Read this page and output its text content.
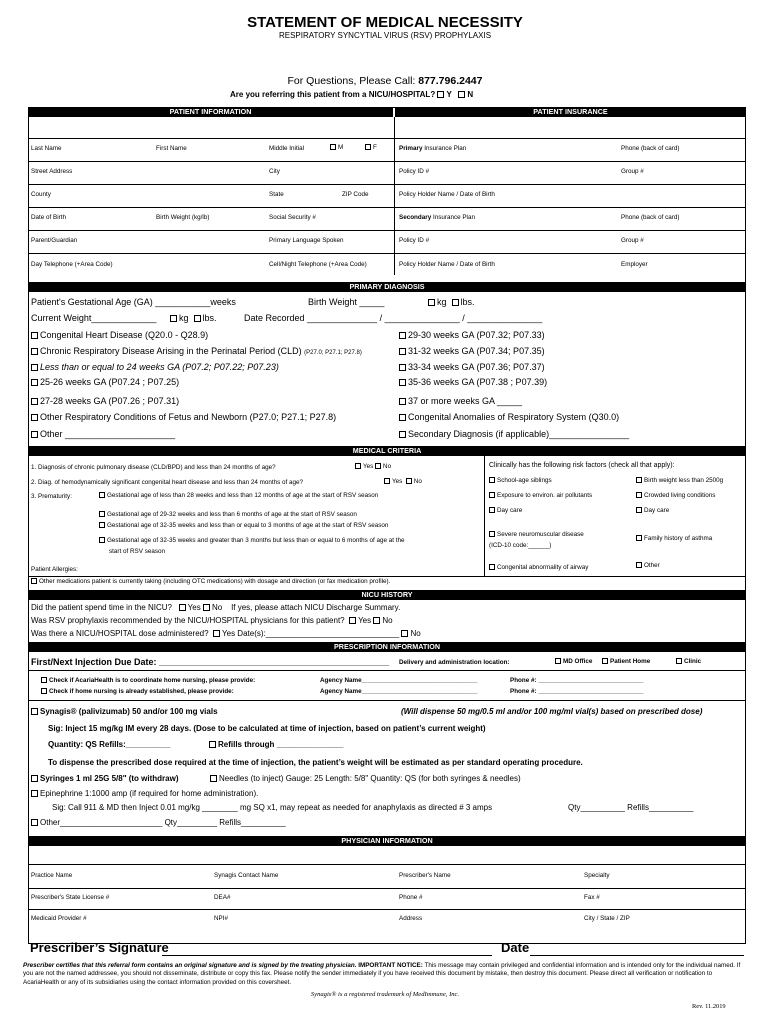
STATEMENT OF MEDICAL NECESSITY
RESPIRATORY SYNCYTIAL VIRUS (RSV) PROPHYLAXIS
For Questions, Please Call: 877.796.2447
Are you referring this patient from a NICU/HOSPITAL? Y N
PATIENT INFORMATION	PATIENT INSURANCE
Last Name	First Name	Middle Initial	M	F
Street Address	City
County	State	ZIP Code
Date of Birth	Birth Weight (kg/lb)	Social Security #
Parent/Guardian	Primary Language Spoken
Day Telephone (+Area Code)	Cell/Night Telephone (+Area Code)
Primary Insurance Plan	Phone (back of card)
Policy ID #	Group #
Policy Holder Name / Date of Birth
Secondary Insurance Plan	Phone (back of card)
Policy ID #	Group #
Policy Holder Name / Date of Birth	Employer
PRIMARY DIAGNOSIS
Patient's Gestational Age (GA) ___________weeks	Birth Weight _____	kg lbs.
Current Weight_____________	kg lbs.	Date Recorded ______________ / _______________ / _______________
Congenital Heart Disease (Q20.0 - Q28.9)
Chronic Respiratory Disease Arising in the Perinatal Period (CLD) (P27.0; P27.1; P27.8)
Less than or equal to 24 weeks GA (P07.2; P07.22; P07.23)
25-26 weeks GA (P07.24 ; P07.25)
27-28 weeks GA (P07.26 ; P07.31)
Other Respiratory Conditions of Fetus and Newborn (P27.0; P27.1; P27.8)
Other ______________________
29-30 weeks GA (P07.32; P07.33)
31-32 weeks GA (P07.34; P07.35)
33-34 weeks GA (P07.36; P07.37)
35-36 weeks GA (P07.38 ; P07.39)
37 or more weeks GA _____
Congenital Anomalies of Respiratory System (Q30.0)
Secondary Diagnosis (if applicable)________________
MEDICAL CRITERIA
1. Diagnosis of chronic pulmonary disease (CLD/BPD) and less than 24 months of age?	Yes No
2. Diag. of hemodynamically significant congenital heart disease and less than 24 months of age?	Yes No
3. Prematurity:	Gestational age of less than 28 weeks and less than 12 months of age at the start of RSV season
Gestational age of 29-32 weeks and less than 6 months of age at the start of RSV season
Gestational age of 32-35 weeks and less than or equal to 3 months of age at the start of RSV season
Gestational age of 32-35 weeks and greater than 3 months but less than or equal to 6 months of age at the
start of RSV season
Patient Allergies:
Other medications patient is currently taking (including OTC medications) with dosage and direction (or fax medication profile).
Clinically has the following risk factors (check all that apply):
School-age siblings	Birth weight less than 2500g
Exposure to environ. air pollutants	Crowded living conditions
Day care	Day care
Severe neuromuscular disease
(ICD-10 code:______)
Family history of asthma
Congenital abnormality of airway	Other
NICU HISTORY
Did the patient spend time in the NICU? Yes No If yes, please attach NICU Discharge Summary.
Was RSV prophylaxis recommended by the NICU/HOSPITAL physicians for this patient? Yes No
Was there a NICU/HOSPITAL dose administered? Yes Date(s):______________________________ No
PRESCRIPTION INFORMATION
First/Next Injection Due Date: ______________________________________________ Delivery and administration location:	MD Office	Patient Home	Clinic
Check if AcariaHealth is to coordinate home nursing, please provide:	Agency Name_________________________________	Phone #: ______________________________
Check if home nursing is already established, please provide:	Agency Name_________________________________	Phone #: ______________________________
Synagis® (palivizumab) 50 and/or 100 mg vials	(Will dispense 50 mg/0.5 ml and/or 100 mg/ml vial(s) based on prescribed dose)
Sig: Inject 15 mg/kg IM every 28 days. (Dose to be calculated at time of injection, based on patient’s current weight)
Quantity: QS Refills:__________	Refills through _______________
To dispense the prescribed dose required at the time of injection, the patient’s weight will be estimated as per standard operating procedure.
Syringes 1 ml 25G 5/8" (to withdraw)	Needles (to inject) Gauge: 25 Length: 5/8" Quantity: QS (for both syringes & needles)
Epinephrine 1:1000 amp (if required for home administration).
Sig: Call 911 & MD then Inject 0.01 mg/kg ________ mg SQ x1, may repeat as needed for anaphylaxis as directed # 3 amps	Qty__________ Refills__________
Other_______________________ Qty_________ Refills__________
PHYSICIAN INFORMATION
Practice Name	Synagis Contact Name	Prescriber's Name	Specialty
Prescriber's State License #	DEA#	Phone #	Fax #
Medicaid Provider #	NPI#	Address	City / State / ZIP
Prescriber’s Signature	Date
Prescriber certifies that this referral form contains an original signature and is signed by the treating physician. IMPORTANT NOTICE: This message may contain privileged and confidential information and is intended only for the individual named. If you are not the named addressee, you should not disseminate, distribute or copy this fax. Please notify the sender immediately if you have received this document by mistake, then destroy this document. Please direct all verification or notification to AcariaHealth or any of its subsidiaries using the contact information provided on this coversheet.
Synagis® is a registered trademark of MedImmune, Inc.
Rev. 11.2019
